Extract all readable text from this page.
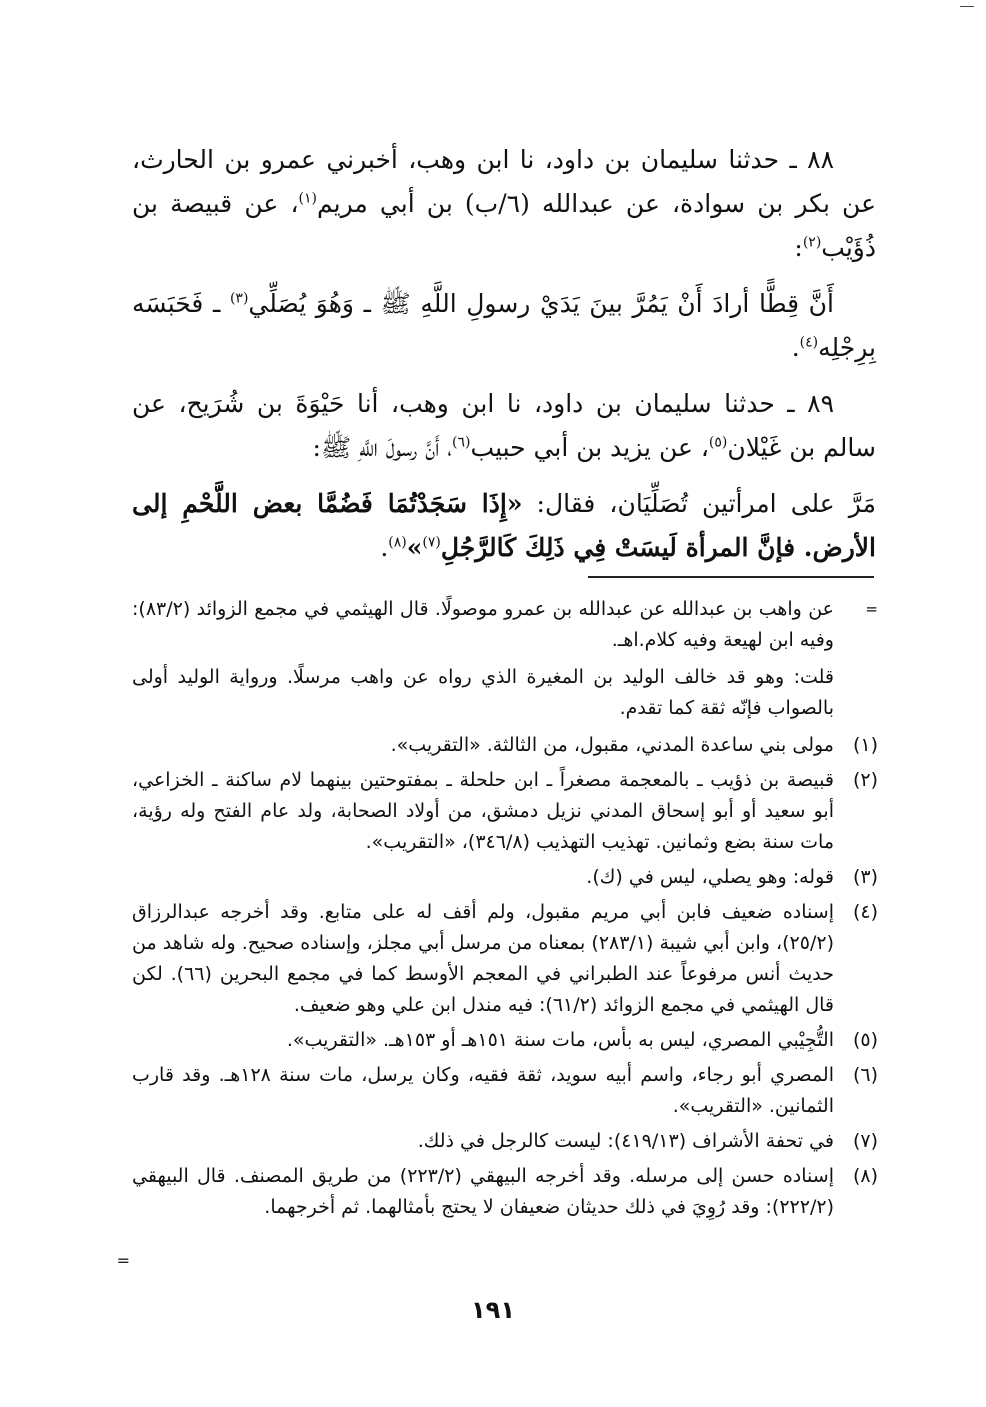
٨٨ ـ حدثنا سليمان بن داود، نا ابن وهب، أخبرني عمرو بن الحارث، عن بكر بن سوادة، عن عبدالله (٦/ب) بن أبي مريم$^{(١)}$، عن قبيصة بن ذُؤَيْب$^{(٢)}$:

أَنَّ قِطًّا أرادَ أَنْ يَمُرَّ بينَ يَدَيْ رسولِ اللَّهِ ﷺ ـ وَهُوَ يُصَلِّي$^{(٣)}$ ـ فَحَبَسَه بِرِجْلِه$^{(٤)}$.

٨٩ ـ حدثنا سليمان بن داود، نا ابن وهب، أنا حَيْوَةَ بن شُرَيح، عن سالم بن غَيْلان$^{(٥)}$، عن يزيد بن أبي حبيب$^{(٦)}$، أَنَّ رسولَ اللَّهِ ﷺ:

مَرَّ على امرأتين تُصَلِّيَان، فقال: «إِذَا سَجَدْتُمَا فَضُمَّا بعض اللَّحْمِ إلى الأرض. فإنَّ المرأة لَيسَتْ فِي ذَلِكَ كَالرَّجُلِ$^{(٧)}$»$^{(٨)}$.

=
عن واهب بن عبدالله عن عبدالله بن عمرو موصولًا. قال الهيثمي في مجمع الزوائد (٨٣/٢): وفيه ابن لهيعة وفيه كلام.اهـ.
قلت: وهو قد خالف الوليد بن المغيرة الذي رواه عن واهب مرسلًا. ورواية الوليد أولى بالصواب فإنّه ثقة كما تقدم.
(١)
مولى بني ساعدة المدني، مقبول، من الثالثة. «التقريب».
(٢)
قبيصة بن ذؤيب ـ بالمعجمة مصغراً ـ ابن حلحلة ـ بمفتوحتين بينهما لام ساكنة ـ الخزاعي، أبو سعيد أو أبو إسحاق المدني نزيل دمشق، من أولاد الصحابة، ولد عام الفتح وله رؤية، مات سنة بضع وثمانين. تهذيب التهذيب (٣٤٦/٨)، «التقريب».
(٣)
قوله: وهو يصلي، ليس في (ك).
(٤)
إسناده ضعيف فابن أبي مريم مقبول، ولم أقف له على متابع. وقد أخرجه عبدالرزاق (٢٥/٢)، وابن أبي شيبة (٢٨٣/١) بمعناه من مرسل أبي مجلز، وإسناده صحيح. وله شاهد من حديث أنس مرفوعاً عند الطبراني في المعجم الأوسط كما في مجمع البحرين (٦٦). لكن قال الهيثمي في مجمع الزوائد (٦١/٢): فيه مندل ابن علي وهو ضعيف.
(٥)
التُّجِيْبي المصري، ليس به بأس، مات سنة ١٥١هـ أو ١٥٣هـ. «التقريب».
(٦)
المصري أبو رجاء، واسم أبيه سويد، ثقة فقيه، وكان يرسل، مات سنة ١٢٨هـ. وقد قارب الثمانين. «التقريب».
(٧)
في تحفة الأشراف (٤١٩/١٣): ليست كالرجل في ذلك.
(٨)
إسناده حسن إلى مرسله. وقد أخرجه البيهقي (٢٢٣/٢) من طريق المصنف. قال البيهقي (٢٢٢/٢): وقد رُوِيَ في ذلك حديثان ضعيفان لا يحتج بأمثالهما. ثم أخرجهما.
=
١٩١
